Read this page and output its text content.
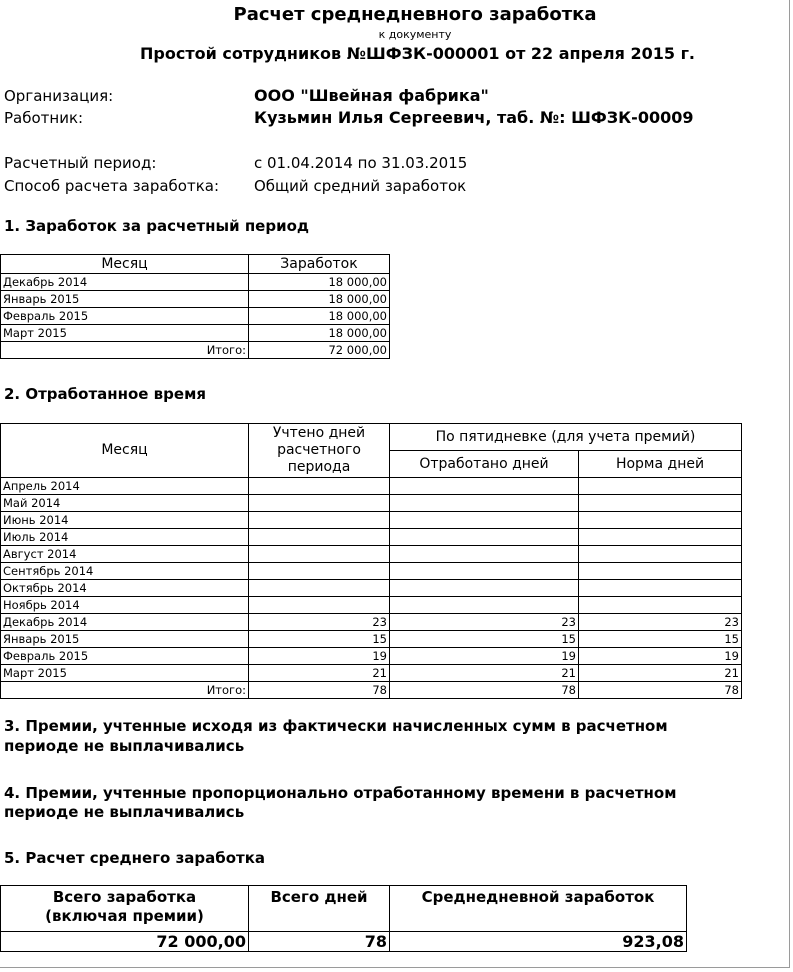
Расчет среднедневного заработка
к документу
Простой сотрудников №ШФЗК-000001 от 22 апреля 2015 г.
Организация:	ООО "Швейная фабрика"
Работник:	Кузьмин Илья Сергеевич, таб. №: ШФЗК-00009
Расчетный период:	с 01.04.2014 по 31.03.2015
Способ расчета заработка: Общий средний заработок
1. Заработок за расчетный период
Месяц	Заработок
Декабрь 2014	18 000,00
Январь 2015	18 000,00
Февраль 2015	18 000,00
Март 2015	18 000,00
Итого:	72 000,00
2. Отработанное время
Месяц	Учтено дней расчетного периода	По пятидневке (для учета премий)	
		Отработано дней	Норма дней
Апрель 2014			
Май 2014			
Июнь 2014			
Июль 2014			
Август 2014			
Сентябрь 2014			
Октябрь 2014			
Ноябрь 2014			
Декабрь 2014	23	23	23
Январь 2015	15	15	15
Февраль 2015	19	19	19
Март 2015	21	21	21
Итого:	78	78	78
3. Премии, учтенные исходя из фактически начисленных сумм в расчетном
периоде не выплачивались
4. Премии, учтенные пропорционально отработанному времени в расчетном
периоде не выплачивались
5. Расчет среднего заработка
Всего заработка
(включая премии)	Всего дней	Среднедневной заработок
72 000,00	78	923,08
